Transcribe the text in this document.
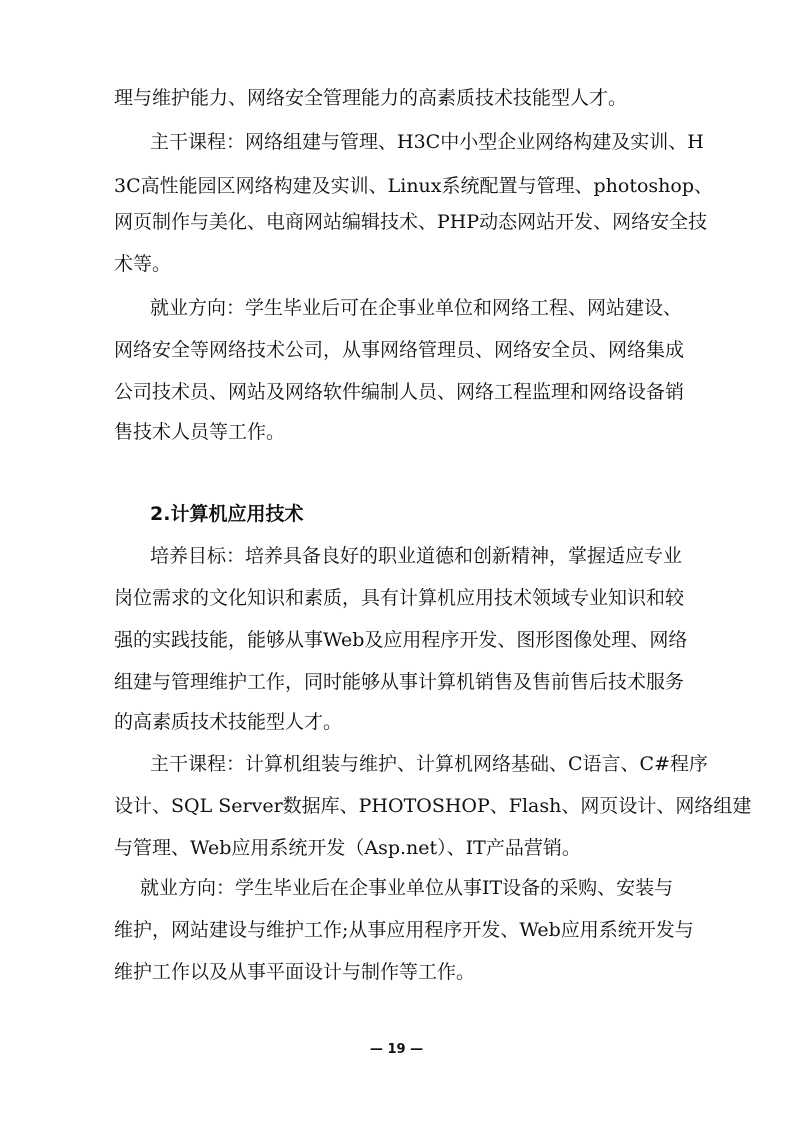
理与维护能力、网络安全管理能力的高素质技术技能型人才。
主干课程：网络组建与管理、H3C中小型企业网络构建及实训、H
3C高性能园区网络构建及实训、Linux系统配置与管理、photoshop、
网页制作与美化、电商网站编辑技术、PHP动态网站开发、网络安全技
术等。
就业方向：学生毕业后可在企事业单位和网络工程、网站建设、
网络安全等网络技术公司，从事网络管理员、网络安全员、网络集成
公司技术员、网站及网络软件编制人员、网络工程监理和网络设备销
售技术人员等工作。
2.计算机应用技术
培养目标：培养具备良好的职业道德和创新精神，掌握适应专业
岗位需求的文化知识和素质，具有计算机应用技术领域专业知识和较
强的实践技能，能够从事Web及应用程序开发、图形图像处理、网络
组建与管理维护工作，同时能够从事计算机销售及售前售后技术服务
的高素质技术技能型人才。
主干课程：计算机组装与维护、计算机网络基础、C语言、C#程序
设计、SQL Server数据库、PHOTOSHOP、Flash、网页设计、网络组建
与管理、Web应用系统开发（Asp.net）、IT产品营销。
就业方向：学生毕业后在企事业单位从事IT设备的采购、安装与
维护，网站建设与维护工作;从事应用程序开发、Web应用系统开发与
维护工作以及从事平面设计与制作等工作。
— 19 —
